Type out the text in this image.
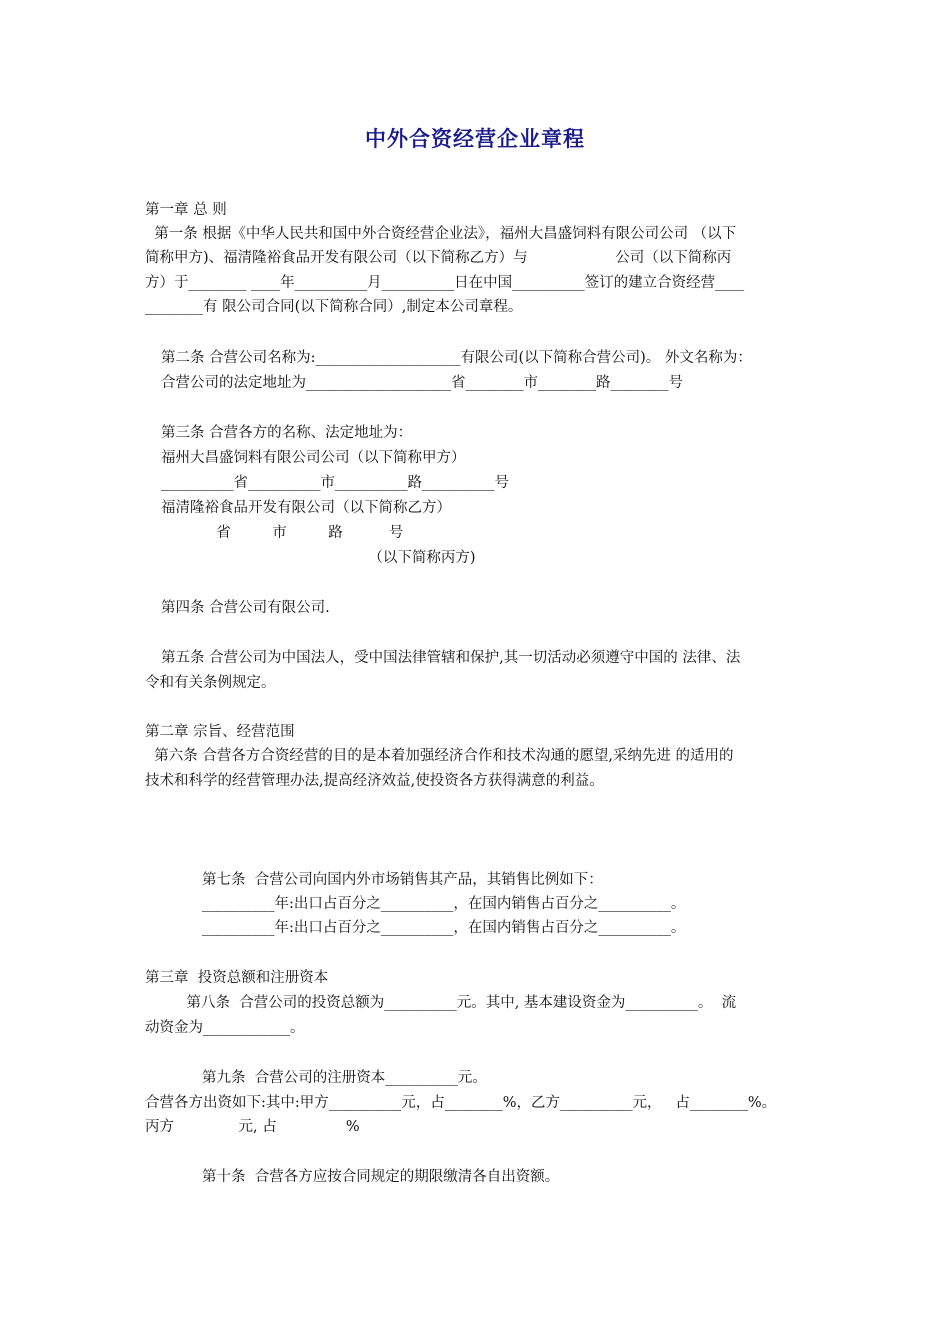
中外合资经营企业章程
第一章 总 则
第一条 根据《中华人民共和国中外合资经营企业法》，福州大昌盛饲料有限公司公司 （以下
简称甲方)、福清隆裕食品开发有限公司（以下简称乙方）与                   公司（以下简称丙
方）于________ ____年__________月__________日在中国__________签订的建立合资经营____
________有 限公司合同(以下简称合同）,制定本公司章程。
第二条 合营公司名称为:____________________有限公司(以下简称合营公司)。 外文名称为：
合营公司的法定地址为____________________省________市________路________号
第三条 合营各方的名称、法定地址为：
福州大昌盛饲料有限公司公司（以下简称甲方）
__________省__________市__________路__________号
福清隆裕食品开发有限公司（以下简称乙方）
省         市         路          号
（以下简称丙方)
第四条 合营公司有限公司.
第五条 合营公司为中国法人，受中国法律管辖和保护,其一切活动必须遵守中国的 法律、法
令和有关条例规定。
第二章 宗旨、经营范围
第六条 合营各方合资经营的目的是本着加强经济合作和技术沟通的愿望,采纳先进 的适用的
技术和科学的经营管理办法,提高经济效益,使投资各方获得满意的利益。
第七条  合营公司向国内外市场销售其产品，其销售比例如下：
__________年:出口占百分之__________，在国内销售占百分之__________。
__________年:出口占百分之__________，在国内销售占百分之__________。
第三章  投资总额和注册资本
第八条  合营公司的投资总额为__________元。其中, 基本建设资金为__________。  流
动资金为____________。
第九条  合营公司的注册资本__________元。
合营各方出资如下:其中:甲方__________元，占________%，乙方__________元，   占________%。
丙方              元, 占               %
第十条  合营各方应按合同规定的期限缴清各自出资额。
